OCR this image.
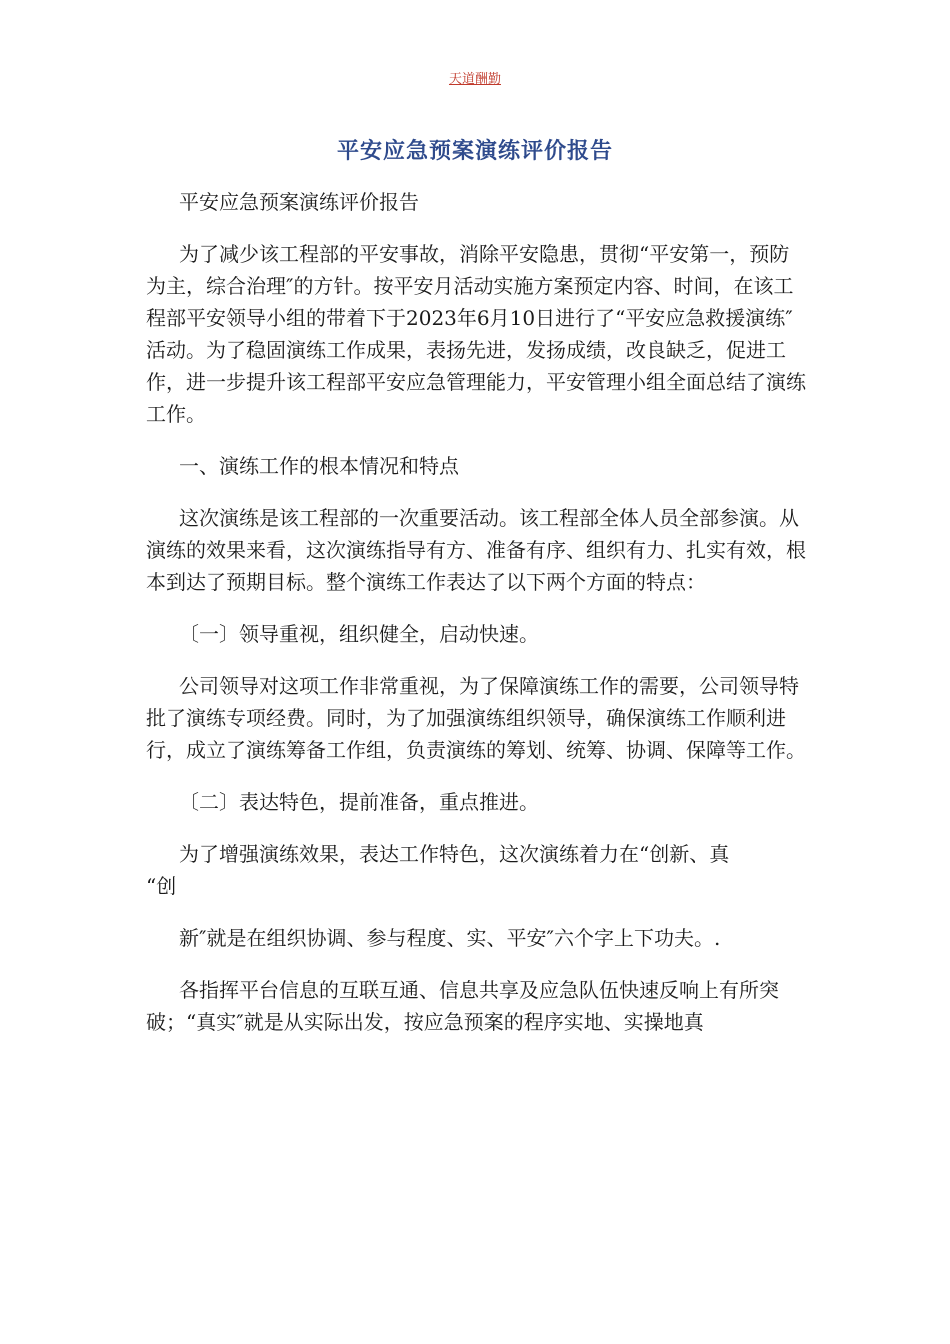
天道酬勤
平安应急预案演练评价报告

平安应急预案演练评价报告

为了减少该工程部的平安事故，消除平安隐患，贯彻“平安第一，预防为主，综合治理″的方针。按平安月活动实施方案预定内容、时间，在该工程部平安领导小组的带着下于2023年6月10日进行了“平安应急救援演练″活动。为了稳固演练工作成果，表扬先进，发扬成绩，改良缺乏，促进工作，进一步提升该工程部平安应急管理能力，平安管理小组全面总结了演练工作。

一、演练工作的根本情况和特点

这次演练是该工程部的一次重要活动。该工程部全体人员全部参演。从演练的效果来看，这次演练指导有方、准备有序、组织有力、扎实有效，根本到达了预期目标。整个演练工作表达了以下两个方面的特点：

〔一〕领导重视，组织健全，启动快速。

公司领导对这项工作非常重视，为了保障演练工作的需要，公司领导特批了演练专项经费。同时，为了加强演练组织领导，确保演练工作顺利进行，成立了演练筹备工作组，负责演练的筹划、统筹、协调、保障等工作。

〔二〕表达特色，提前准备，重点推进。

为了增强演练效果，表达工作特色，这次演练着力在“创新、真

“创

新″就是在组织协调、参与程度、实、平安″六个字上下功夫。.

各指挥平台信息的互联互通、信息共享及应急队伍快速反响上有所突破；“真实″就是从实际出发，按应急预案的程序实地、实操地真
